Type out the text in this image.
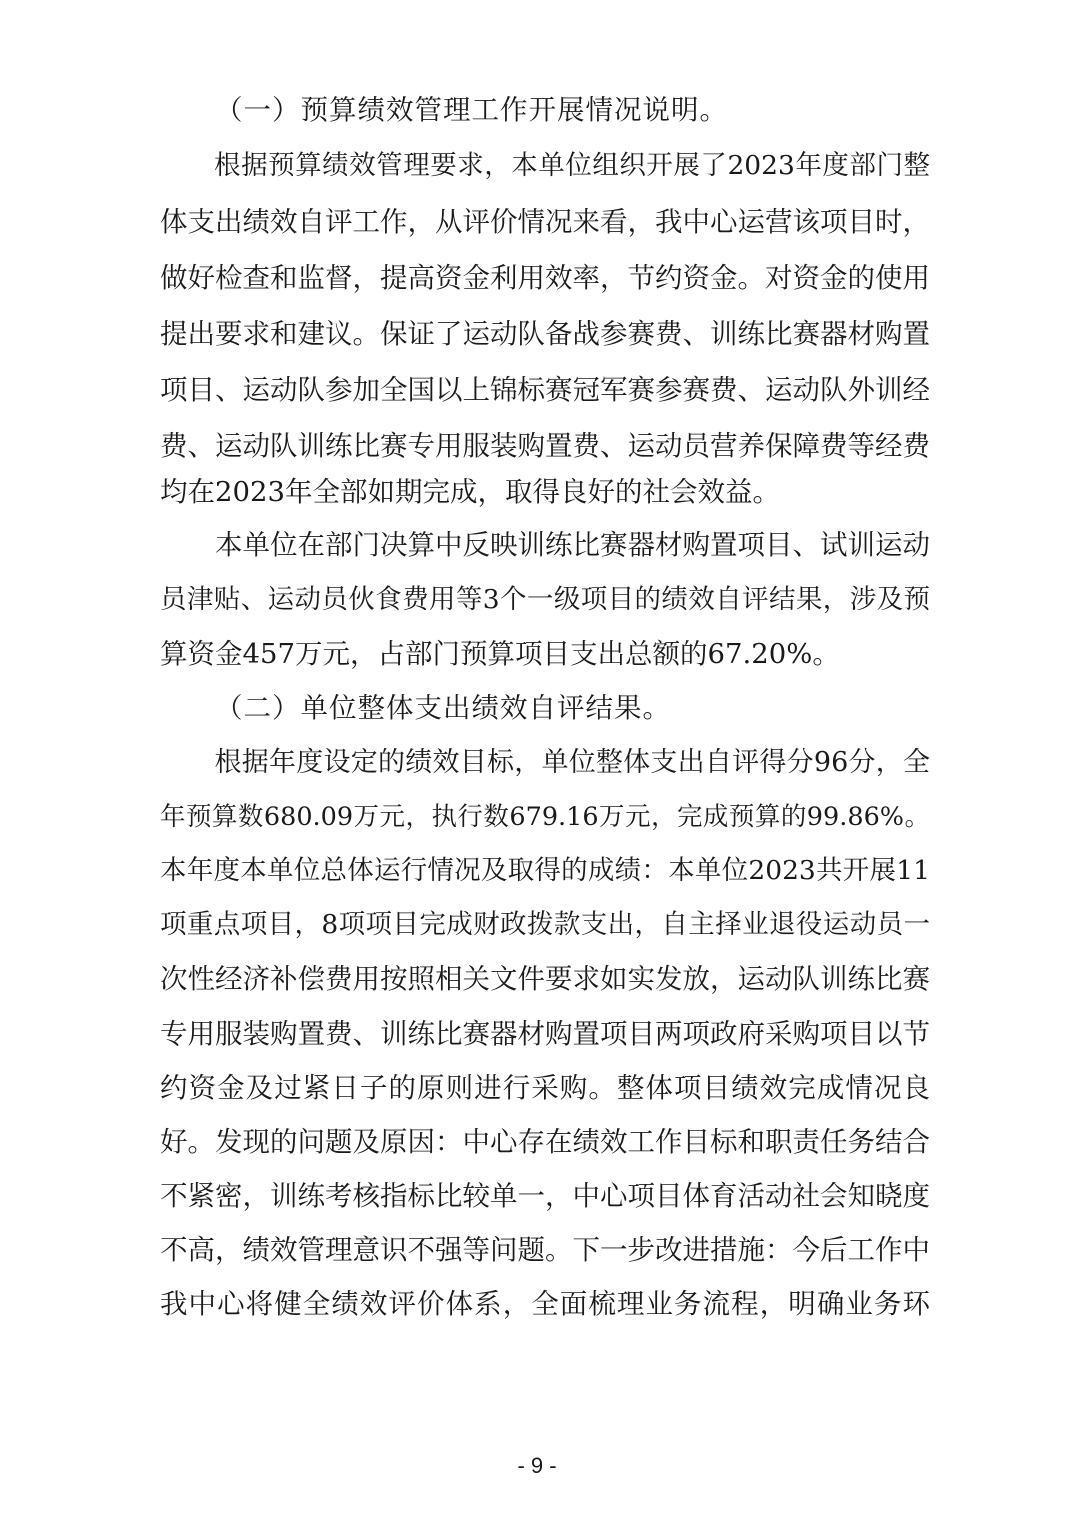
（一）预算绩效管理工作开展情况说明。
　　根据预算绩效管理要求，本单位组织开展了2023年度部门整
体支出绩效自评工作，从评价情况来看，我中心运营该项目时，
做好检查和监督，提高资金利用效率，节约资金。对资金的使用
提出要求和建议。保证了运动队备战参赛费、训练比赛器材购置
项目、运动队参加全国以上锦标赛冠军赛参赛费、运动队外训经
费、运动队训练比赛专用服装购置费、运动员营养保障费等经费
均在2023年全部如期完成，取得良好的社会效益。
　　本单位在部门决算中反映训练比赛器材购置项目、试训运动
员津贴、运动员伙食费用等3个一级项目的绩效自评结果，涉及预
算资金457万元，占部门预算项目支出总额的67.20%。
（二）单位整体支出绩效自评结果。
　　根据年度设定的绩效目标，单位整体支出自评得分96分，全
年预算数680.09万元，执行数679.16万元，完成预算的99.86%。
本年度本单位总体运行情况及取得的成绩：本单位2023共开展11
项重点项目，8项项目完成财政拨款支出，自主择业退役运动员一
次性经济补偿费用按照相关文件要求如实发放，运动队训练比赛
专用服装购置费、训练比赛器材购置项目两项政府采购项目以节
约资金及过紧日子的原则进行采购。整体项目绩效完成情况良
好。发现的问题及原因：中心存在绩效工作目标和职责任务结合
不紧密，训练考核指标比较单一，中心项目体育活动社会知晓度
不高，绩效管理意识不强等问题。下一步改进措施：今后工作中
我中心将健全绩效评价体系，全面梳理业务流程，明确业务环
- 9 -
